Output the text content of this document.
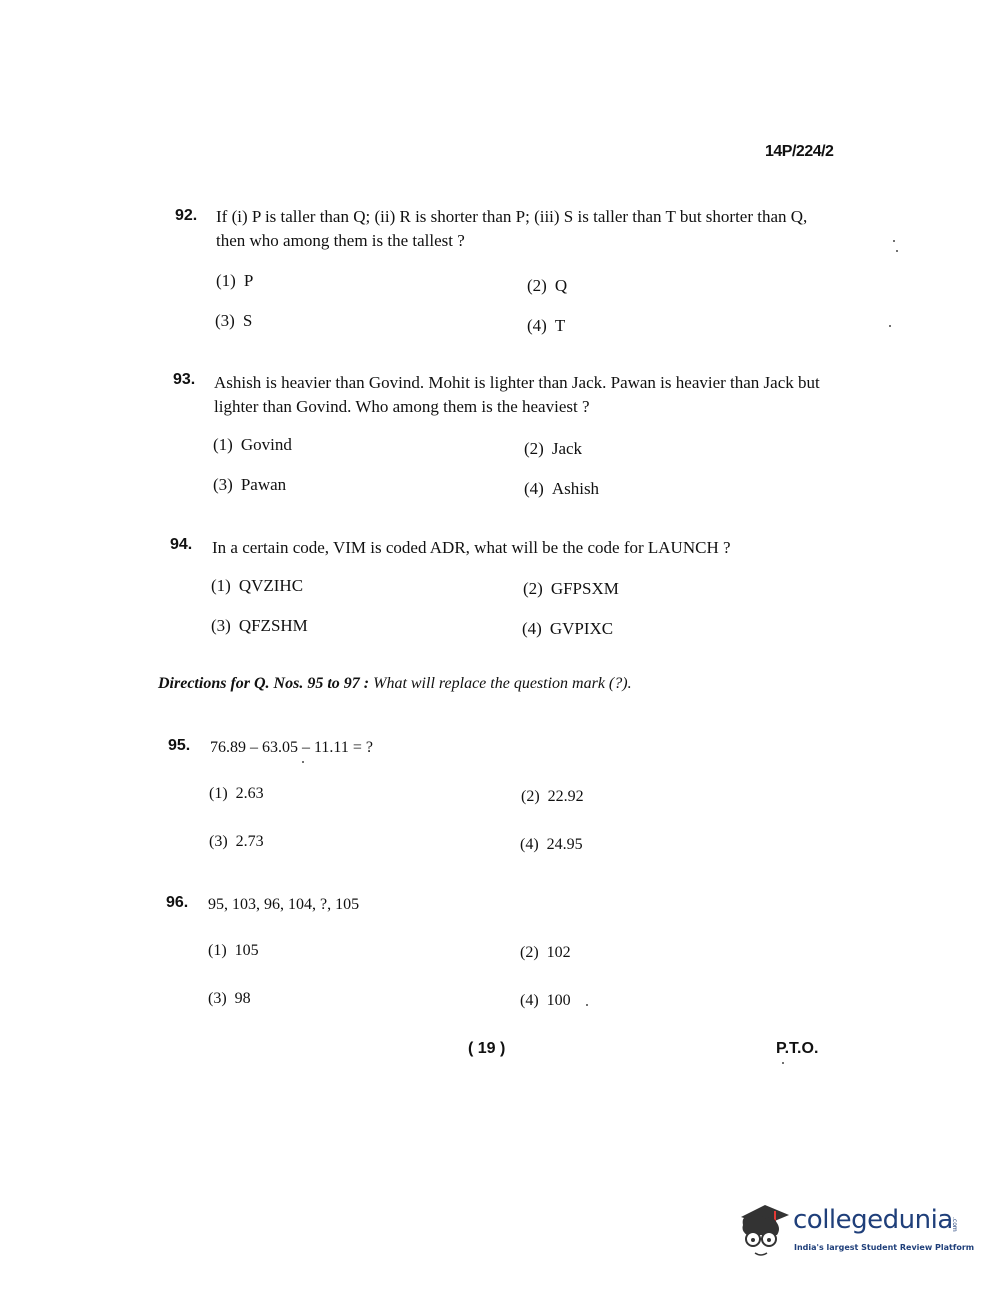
14P/224/2
92. If (i) P is taller than Q; (ii) R is shorter than P; (iii) S is taller than T but shorter than Q, then who among them is the tallest ?
(1) P	(2) Q
(3) S	(4) T
93. Ashish is heavier than Govind. Mohit is lighter than Jack. Pawan is heavier than Jack but lighter than Govind. Who among them is the heaviest ?
(1) Govind	(2) Jack
(3) Pawan	(4) Ashish
94. In a certain code, VIM is coded ADR, what will be the code for LAUNCH ?
(1) QVZIHC	(2) GFPSXM
(3) QFZSHM	(4) GVPIXC
Directions for Q. Nos. 95 to 97 : What will replace the question mark (?).
95. 76.89 – 63.05 – 11.11 = ?
(1) 2.63	(2) 22.92
(3) 2.73	(4) 24.95
96. 95, 103, 96, 104, ?, 105
(1) 105	(2) 102
(3) 98	(4) 100
( 19 )	P.T.O.
collegedunia
.com
India's largest Student Review Platform
